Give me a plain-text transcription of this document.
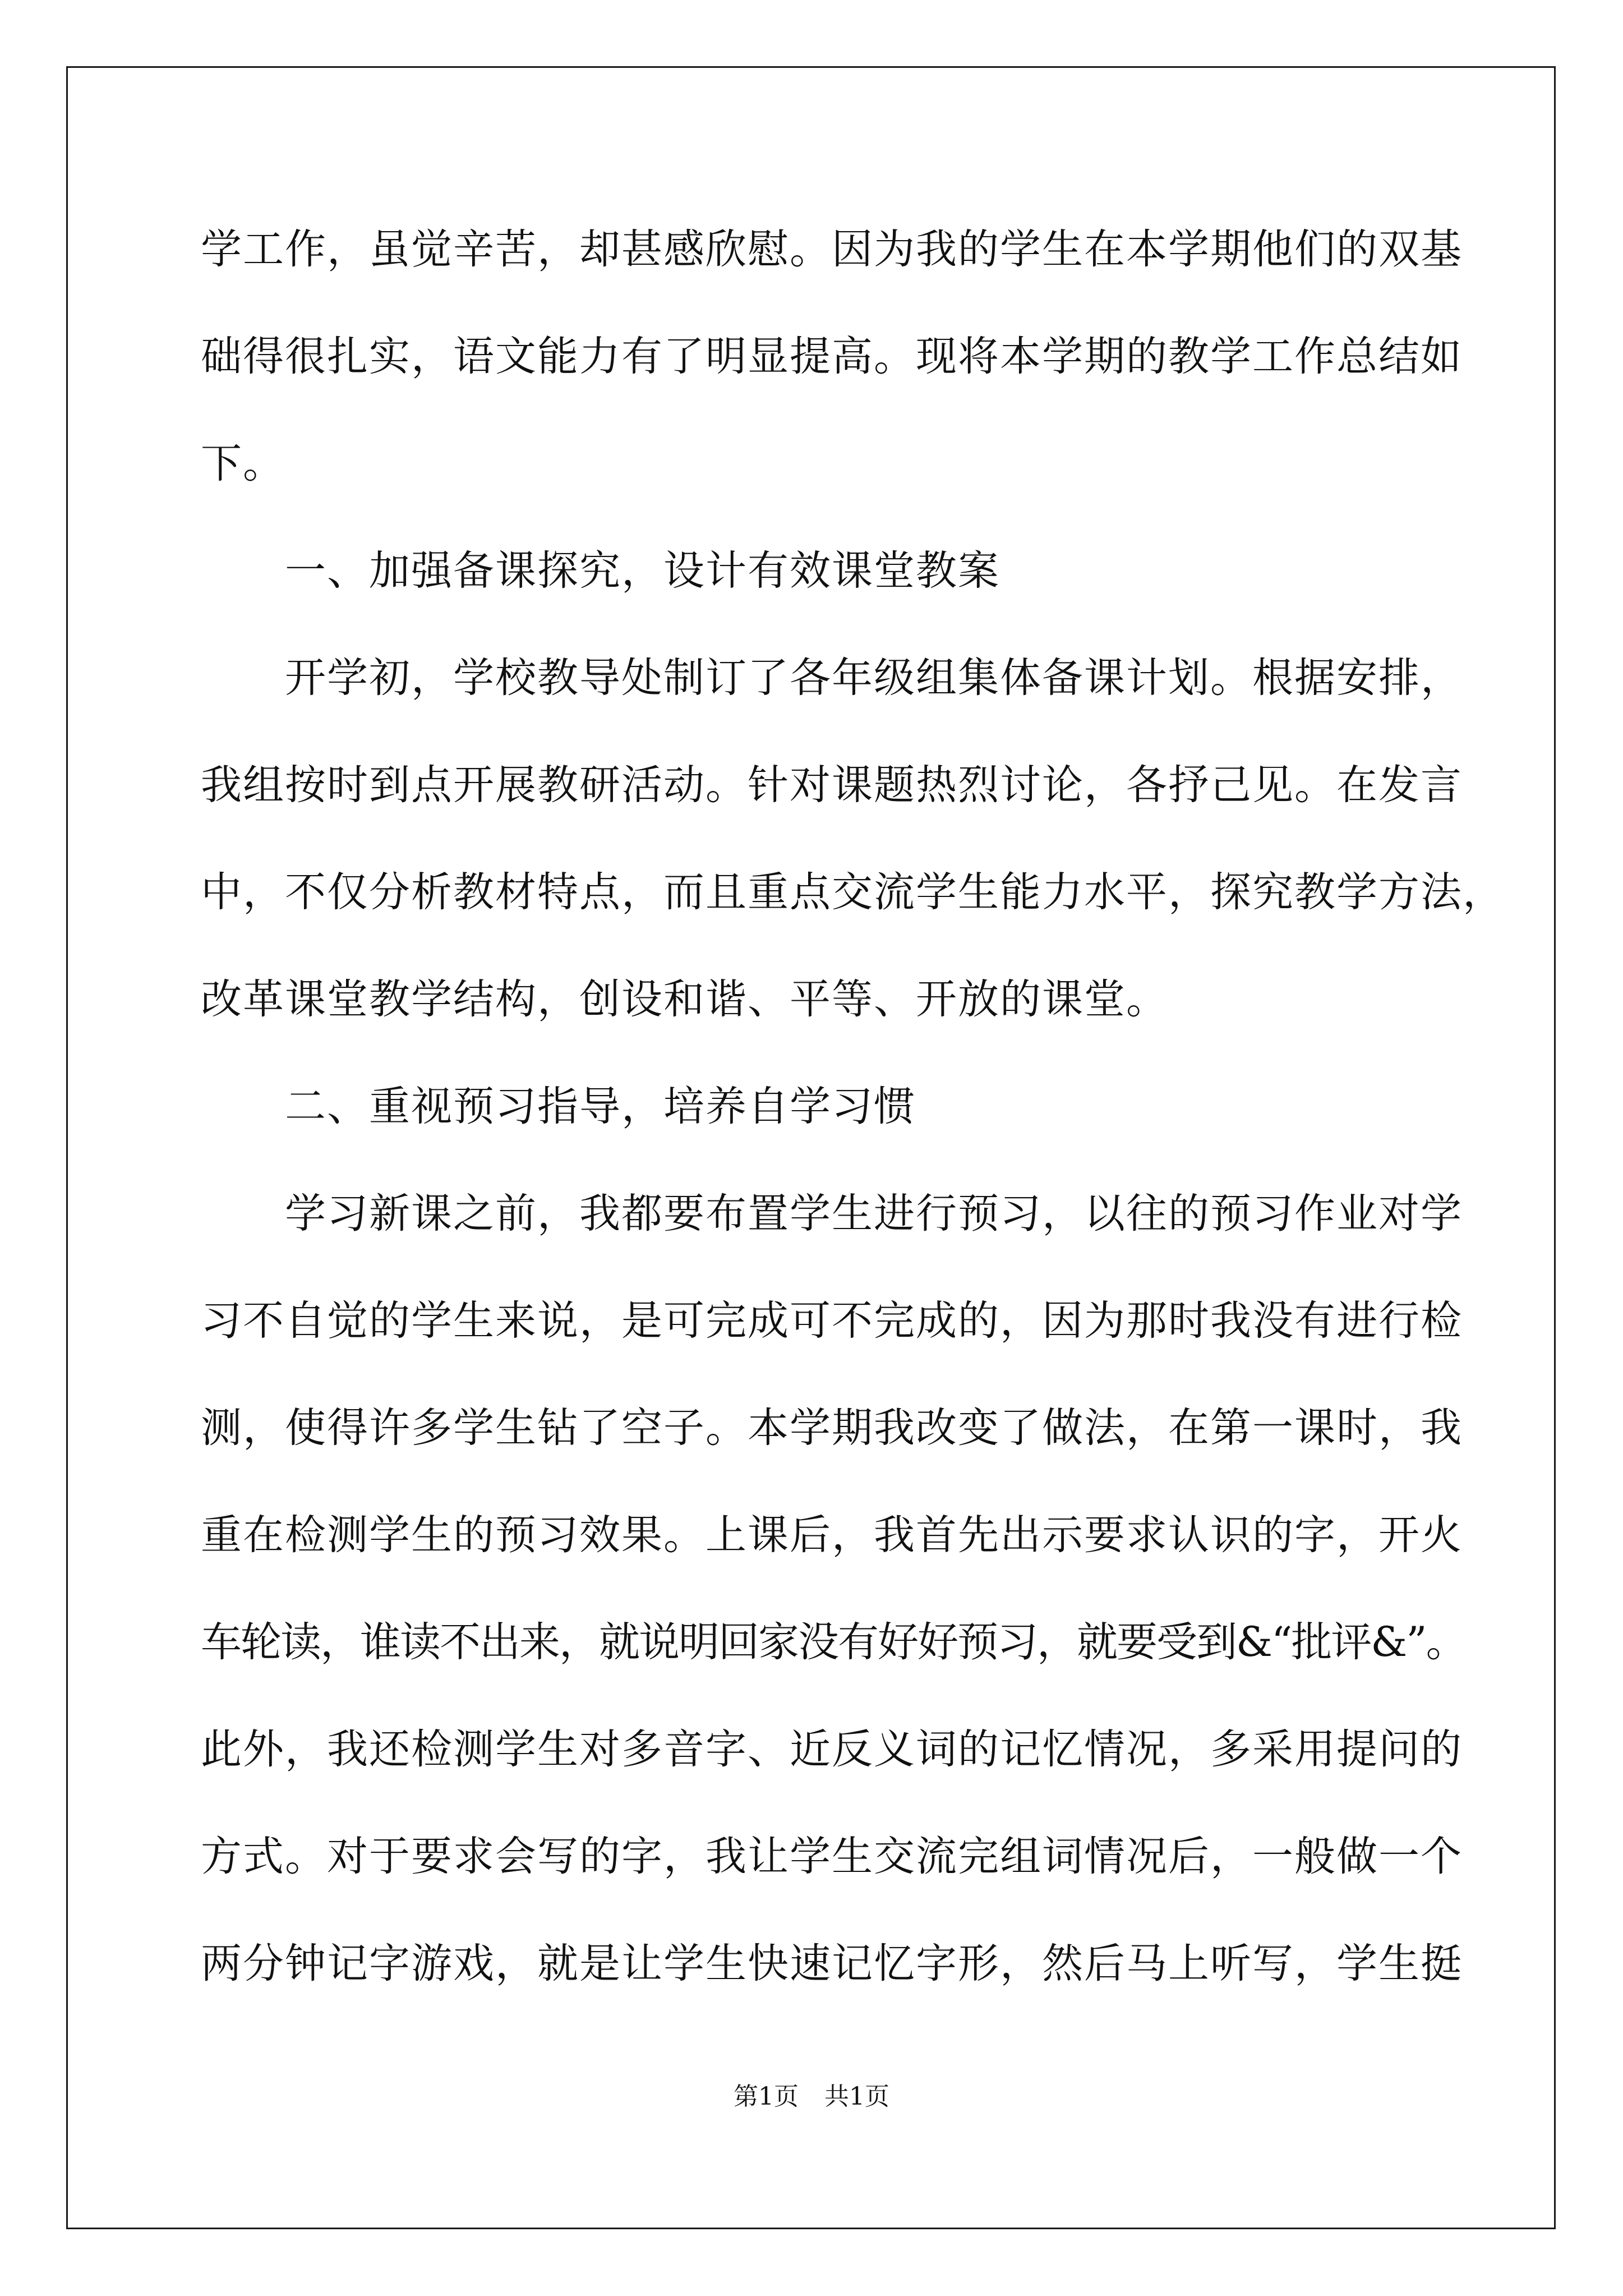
学工作，虽觉辛苦，却甚感欣慰。因为我的学生在本学期他们的双基
础得很扎实，语文能力有了明显提高。现将本学期的教学工作总结如
下。
一、加强备课探究，设计有效课堂教案
开学初，学校教导处制订了各年级组集体备课计划。根据安排，
我组按时到点开展教研活动。针对课题热烈讨论，各抒己见。在发言
中，不仅分析教材特点，而且重点交流学生能力水平，探究教学方法，
改革课堂教学结构，创设和谐、平等、开放的课堂。
二、重视预习指导，培养自学习惯
学习新课之前，我都要布置学生进行预习，以往的预习作业对学
习不自觉的学生来说，是可完成可不完成的，因为那时我没有进行检
测，使得许多学生钻了空子。本学期我改变了做法，在第一课时，我
重在检测学生的预习效果。上课后，我首先出示要求认识的字，开火
车轮读，谁读不出来，就说明回家没有好好预习，就要受到&“批评&”。
此外，我还检测学生对多音字、近反义词的记忆情况，多采用提问的
方式。对于要求会写的字，我让学生交流完组词情况后，一般做一个
两分钟记字游戏，就是让学生快速记忆字形，然后马上听写，学生挺
第1页 共1页
